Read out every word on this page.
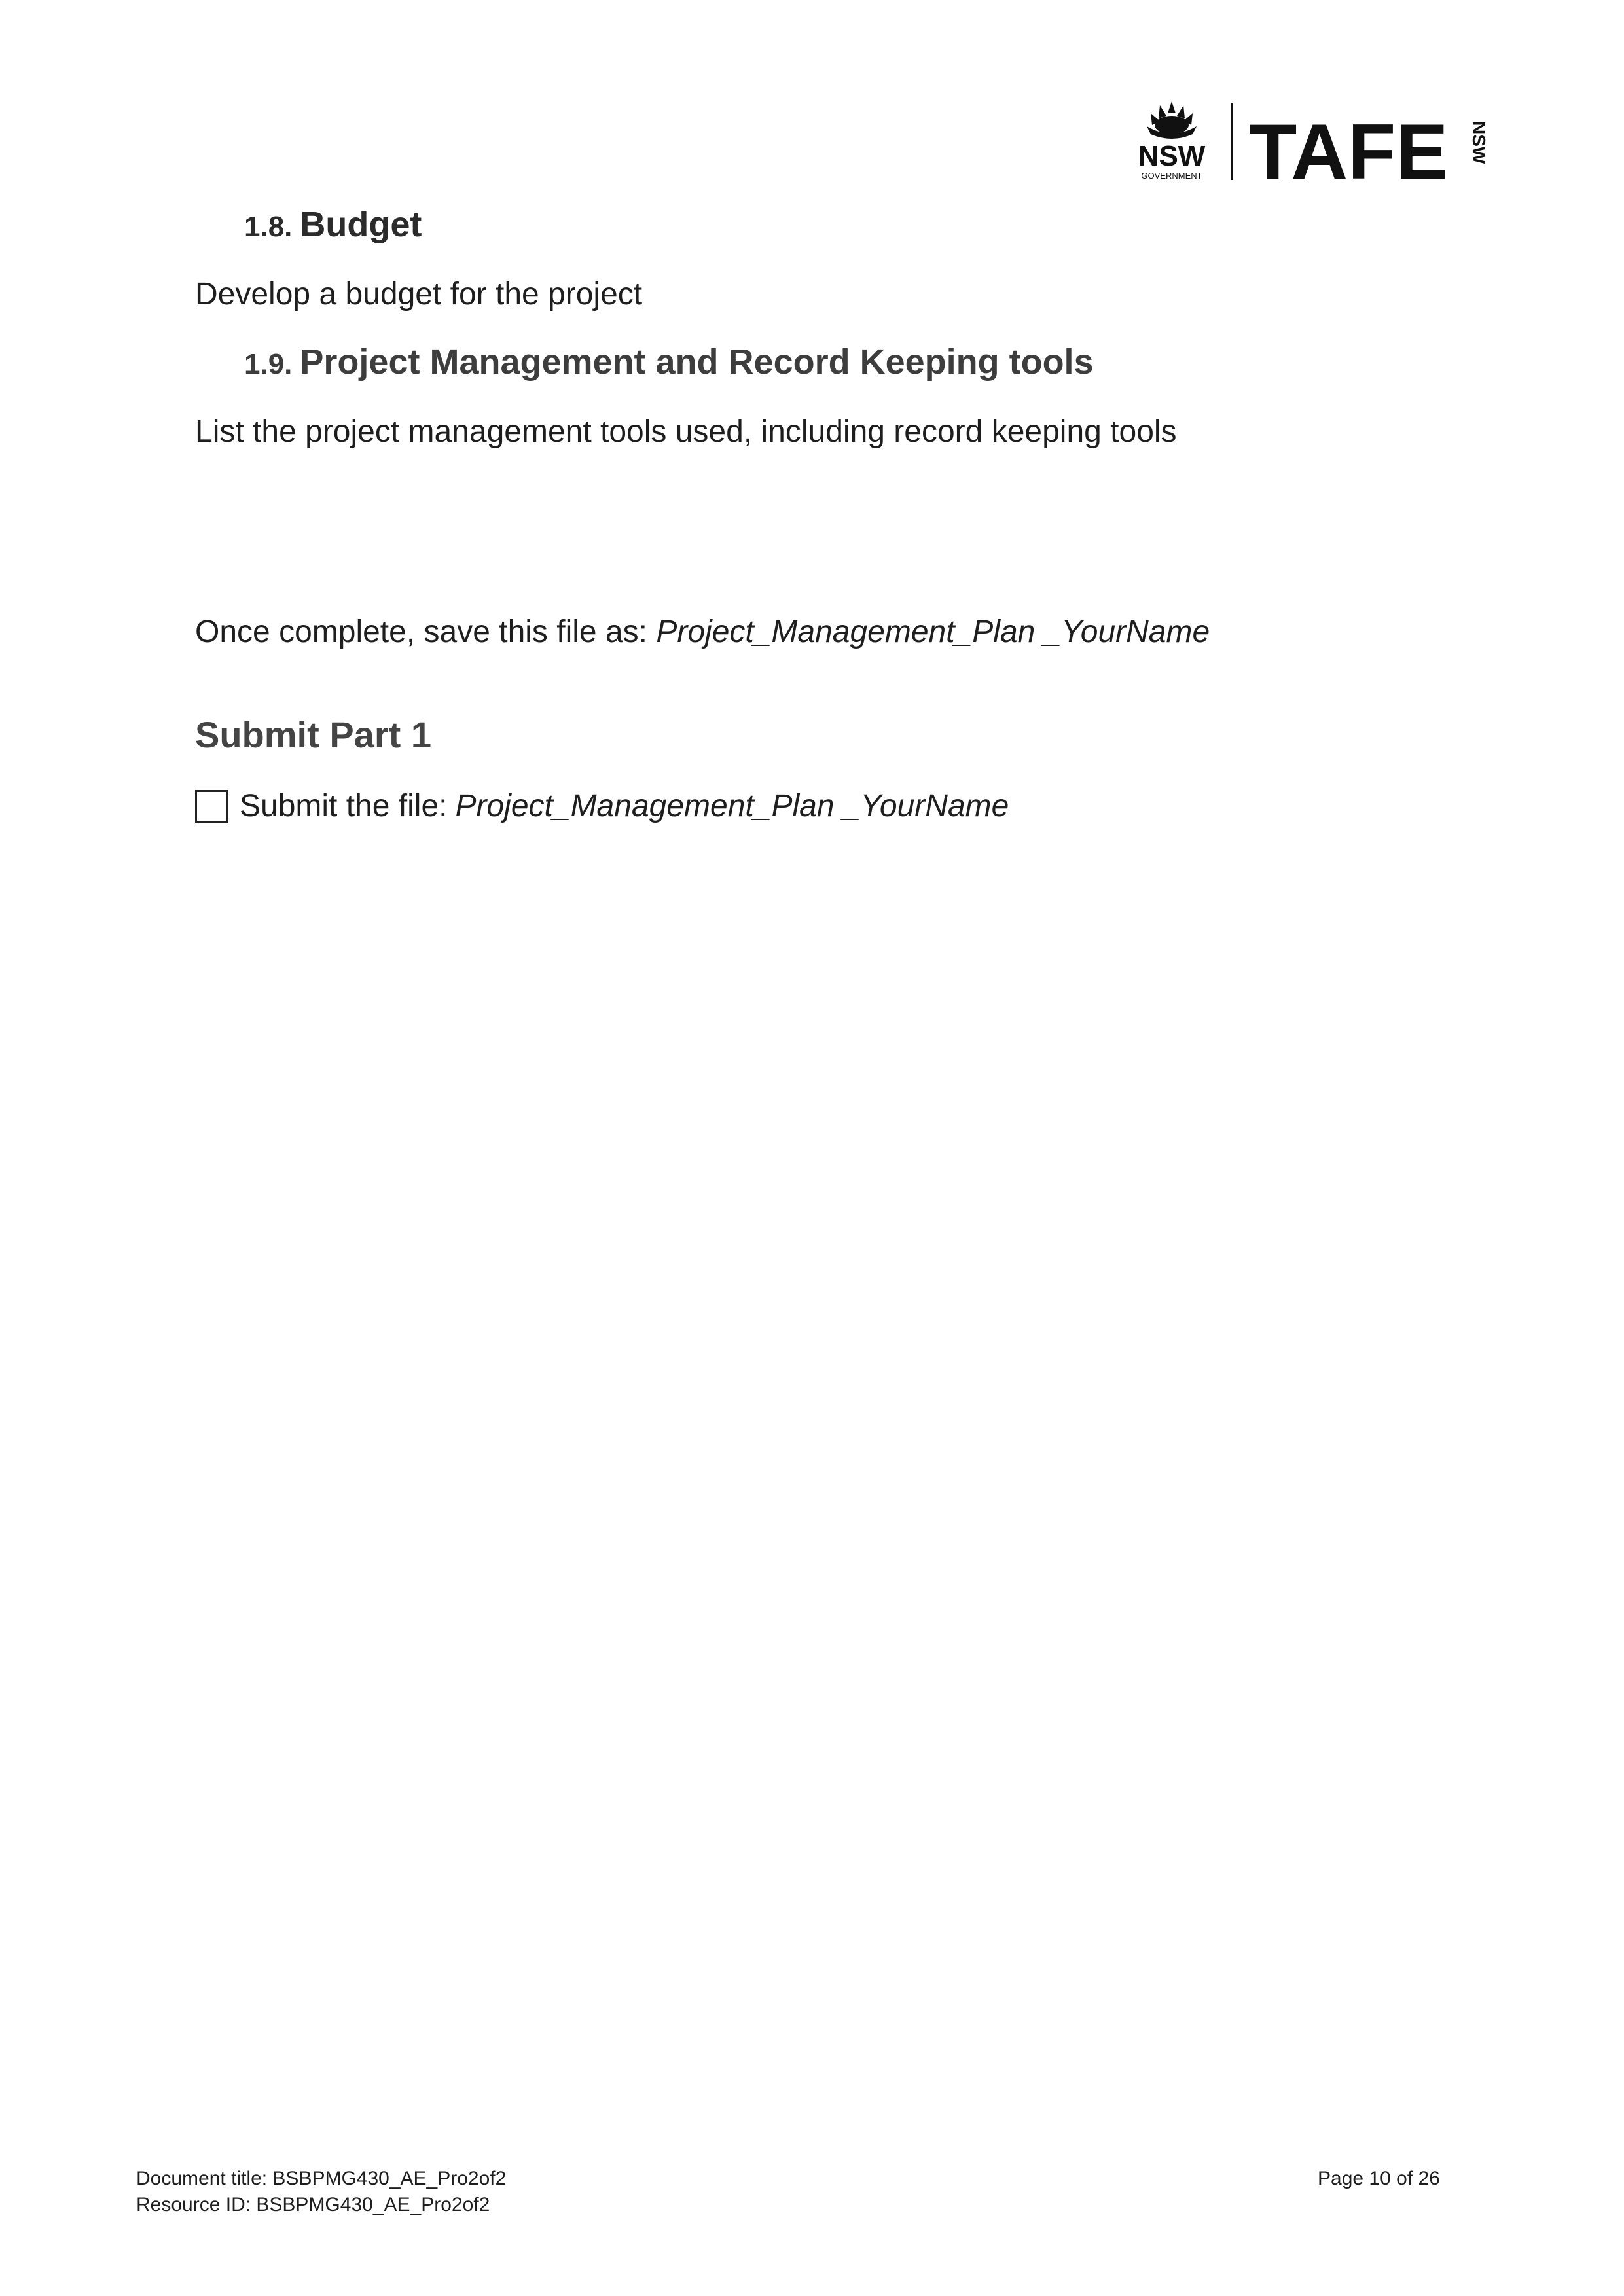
NSW
GOVERNMENT TAFE NSW
1.8. Budget
Develop a budget for the project
1.9. Project Management and Record Keeping tools
List the project management tools used, including record keeping tools
Once complete, save this file as: Project_Management_Plan _YourName
Submit Part 1
Submit the file: Project_Management_Plan _YourName
Document title: BSBPMG430_AE_Pro2of2
Resource ID: BSBPMG430_AE_Pro2of2
Page 10 of 26
